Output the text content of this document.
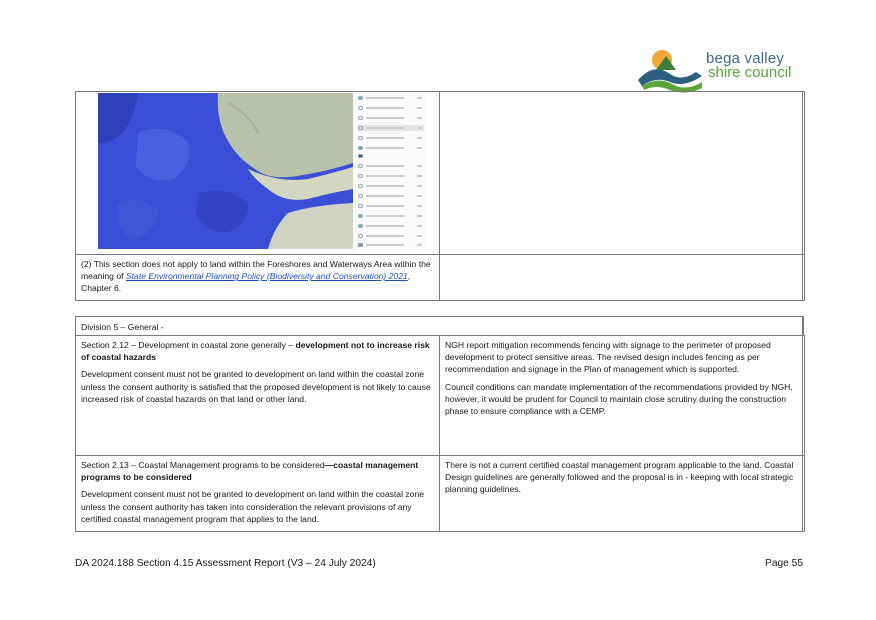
bega valley
shire council
(2) This section does not apply to land within the Foreshores and Waterways Area within the meaning of State Environmental Planning Policy (Biodiversity and Conservation) 2021, Chapter 6.
Division 5 – General -

Section 2.12 – Development in coastal zone generally – development not to increase risk of coastal hazards

Development consent must not be granted to development on land within the coastal zone unless the consent authority is satisfied that the proposed development is not likely to cause increased risk of coastal hazards on that land or other land.

NGH report mitigation recommends fencing with signage to the perimeter of proposed development to protect sensitive areas. The revised design includes fencing as per recommendation and signage in the Plan of management which is supported.

Council conditions can mandate implementation of the recommendations provided by NGH, however, it would be prudent for Council to maintain close scrutiny during the construction phase to ensure compliance with a CEMP.

Section 2.13 – Coastal Management programs to be considered—coastal management programs to be considered

Development consent must not be granted to development on land within the coastal zone unless the consent authority has taken into consideration the relevant provisions of any certified coastal management program that applies to the land.

There is not a current certified coastal management program applicable to the land. Coastal Design guidelines are generally followed and the proposal is in - keeping with local strategic planning guidelines.

DA 2024.188 Section 4.15 Assessment Report (V3 – 24 July 2024)	Page 55
